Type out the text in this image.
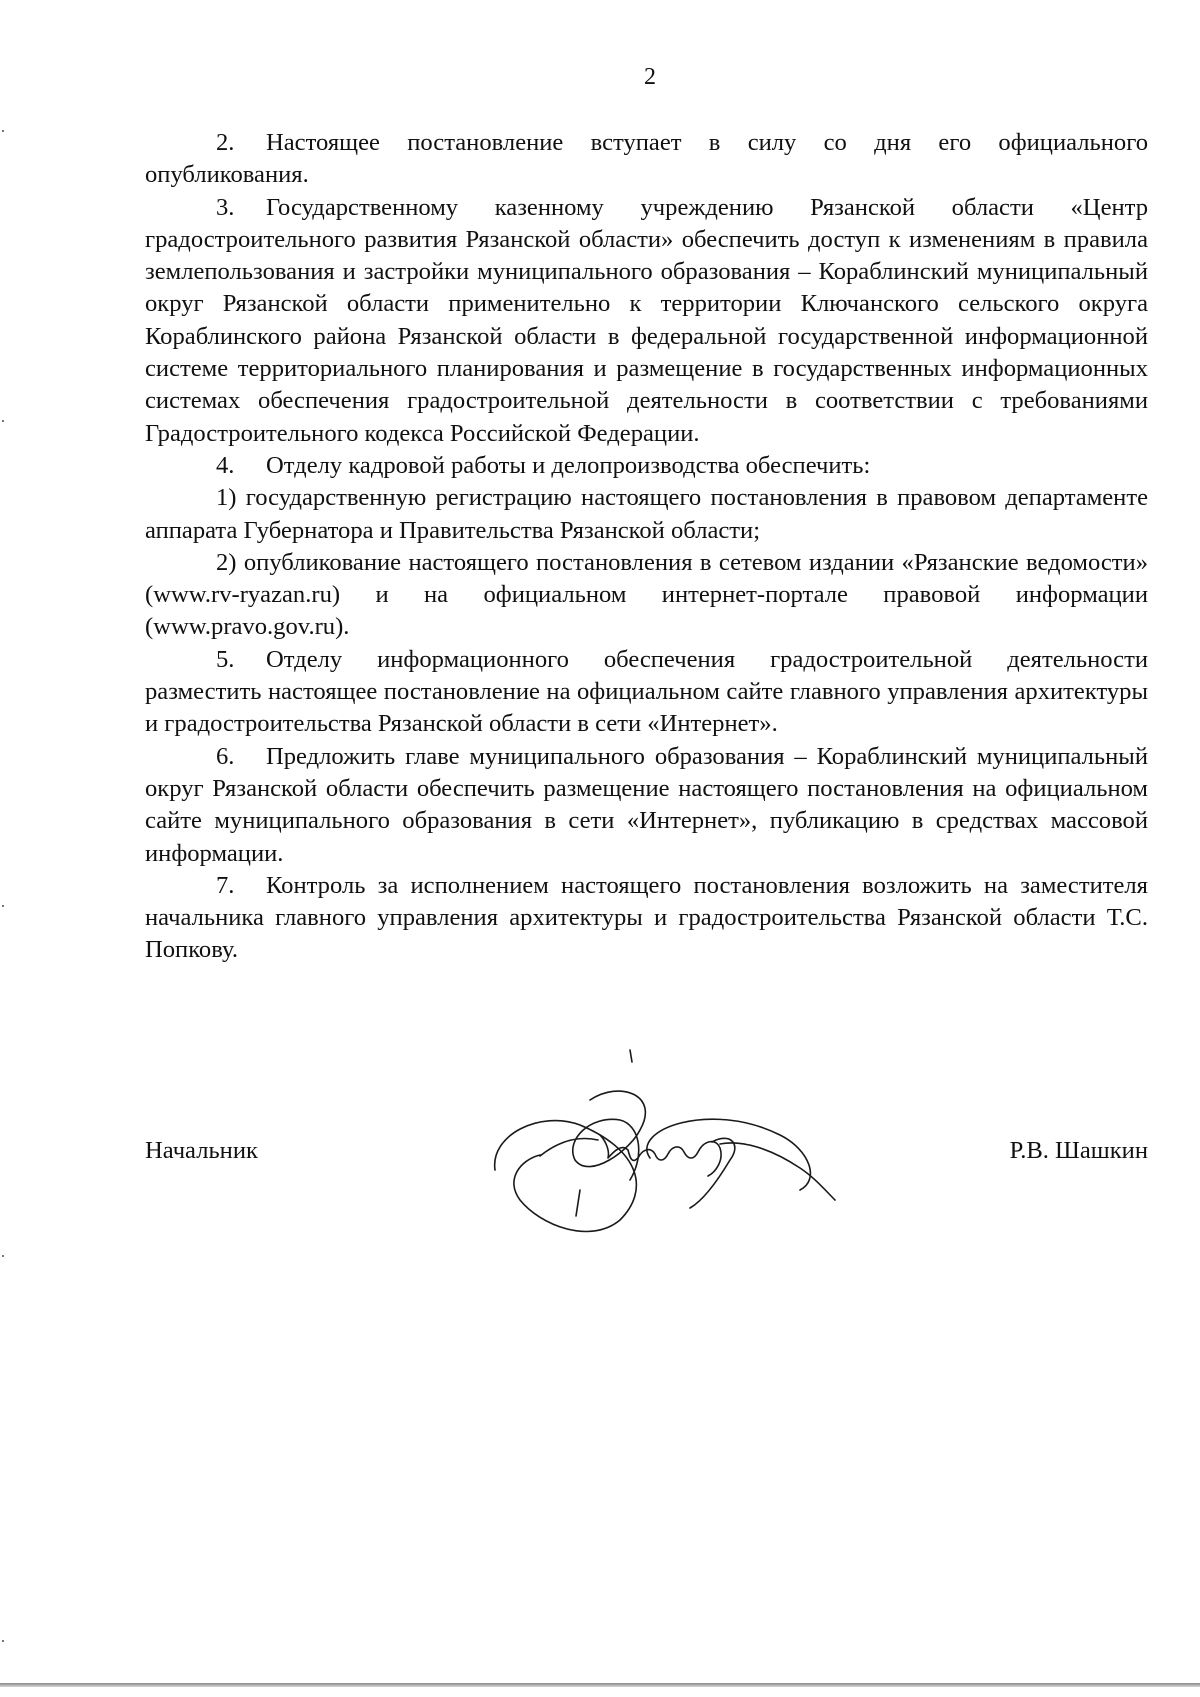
2

2. Настоящее постановление вступает в силу со дня его официального опубликования.

3. Государственному казенному учреждению Рязанской области «Центр градостроительного развития Рязанской области» обеспечить доступ к изменениям в правила землепользования и застройки муниципального образования – Кораблинский муниципальный округ Рязанской области применительно к территории Ключанского сельского округа Кораблинского района Рязанской области в федеральной государственной информационной системе территориального планирования и размещение в государственных информационных системах обеспечения градостроительной деятельности в соответствии с требованиями Градостроительного кодекса Российской Федерации.

4. Отделу кадровой работы и делопроизводства обеспечить:

1) государственную регистрацию настоящего постановления в правовом департаменте аппарата Губернатора и Правительства Рязанской области;

2) опубликование настоящего постановления в сетевом издании «Рязанские ведомости» (www.rv-ryazan.ru) и на официальном интернет-портале правовой информации (www.pravo.gov.ru).

5. Отделу информационного обеспечения градостроительной деятельности разместить настоящее постановление на официальном сайте главного управления архитектуры и градостроительства Рязанской области в сети «Интернет».

6. Предложить главе муниципального образования – Кораблинский муниципальный округ Рязанской области обеспечить размещение настоящего постановления на официальном сайте муниципального образования в сети «Интернет», публикацию в средствах массовой информации.

7. Контроль за исполнением настоящего постановления возложить на заместителя начальника главного управления архитектуры и градостроительства Рязанской области Т.С. Попкову.

Начальник	Р.В. Шашкин
